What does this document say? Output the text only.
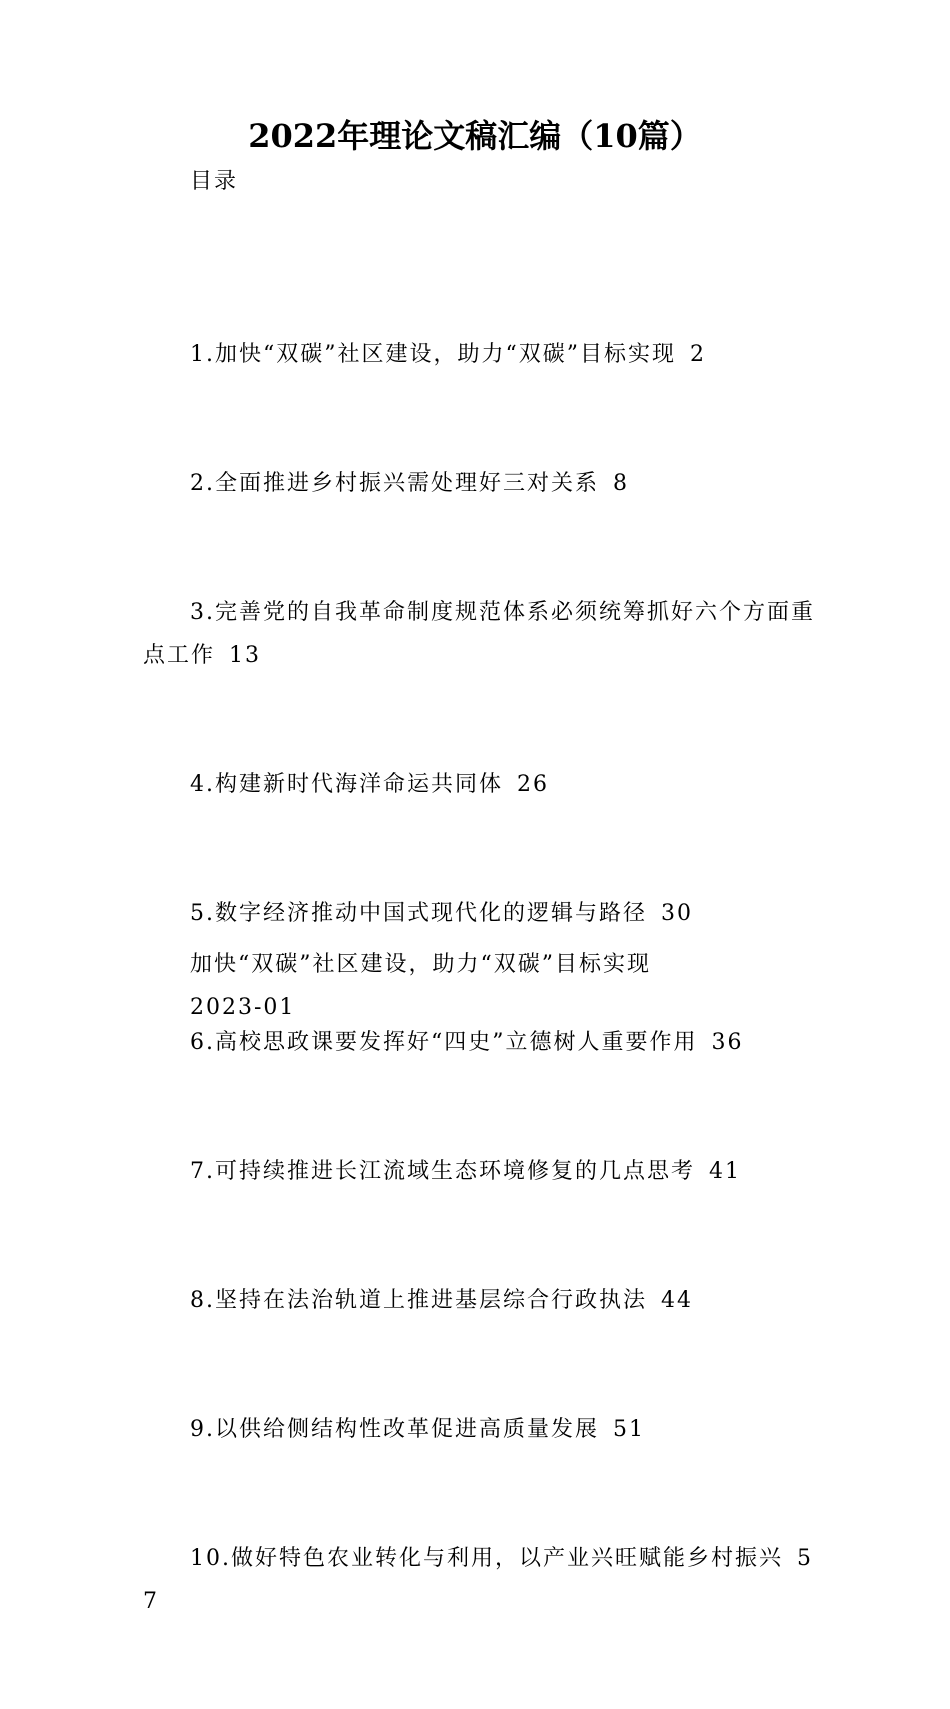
2022年理论文稿汇编（10篇）
目录

1.加快“双碳”社区建设，助力“双碳”目标实现 2

2.全面推进乡村振兴需处理好三对关系 8

3.完善党的自我革命制度规范体系必须统筹抓好六个方面重点工作 13

4.构建新时代海洋命运共同体 26

5.数字经济推动中国式现代化的逻辑与路径 30

6.高校思政课要发挥好“四史”立德树人重要作用 36

7.可持续推进长江流域生态环境修复的几点思考 41

8.坚持在法治轨道上推进基层综合行政执法 44

9.以供给侧结构性改革促进高质量发展 51

10.做好特色农业转化与利用，以产业兴旺赋能乡村振兴 57

加快“双碳”社区建设，助力“双碳”目标实现
2023-01
